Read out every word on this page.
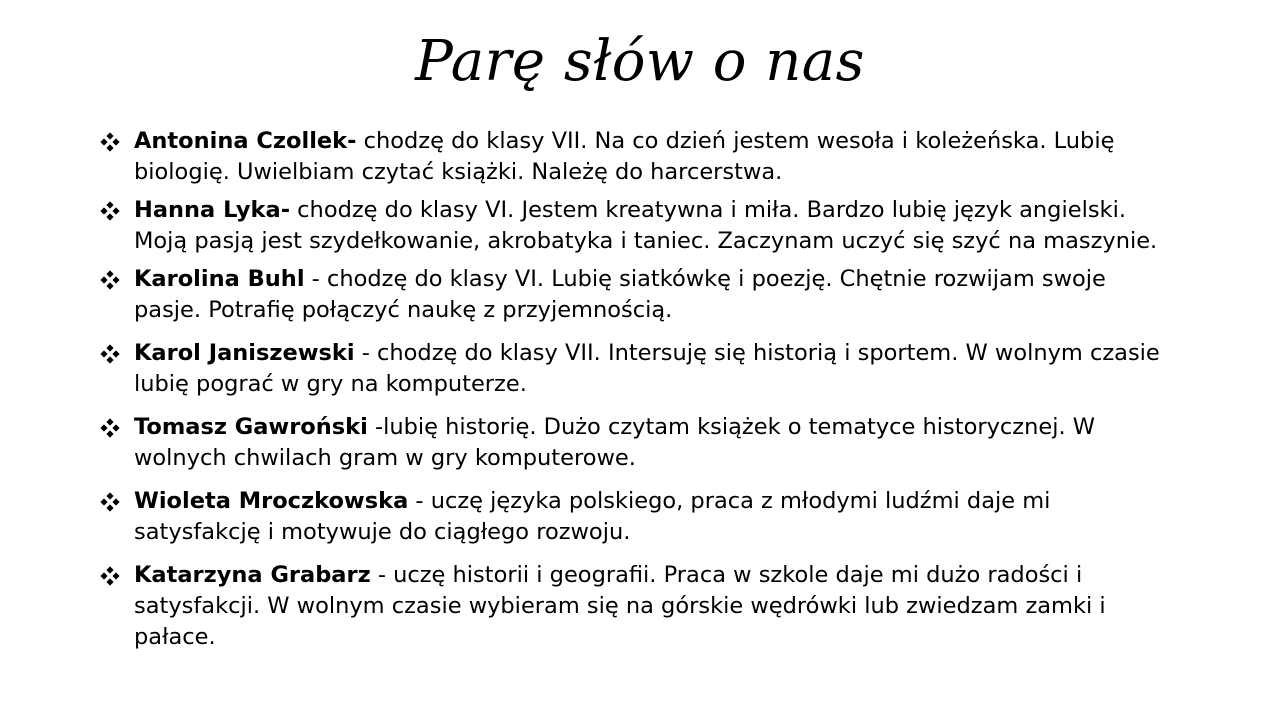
Parę słów o nas
Antonina Czollek- chodzę do klasy VII. Na co dzień jestem wesoła i koleżeńska. Lubię biologię. Uwielbiam czytać książki. Należę do harcerstwa.
Hanna Lyka- chodzę do klasy VI. Jestem kreatywna i miła. Bardzo lubię język angielski. Moją pasją jest szydełkowanie, akrobatyka i taniec. Zaczynam uczyć się szyć na maszynie.
Karolina Buhl - chodzę do klasy VI. Lubię siatkówkę i poezję. Chętnie rozwijam swoje pasje. Potrafię połączyć naukę z przyjemnością.
Karol Janiszewski - chodzę do klasy VII. Intersuję się historią i sportem. W wolnym czasie lubię pograć w gry na komputerze.
Tomasz Gawroński -lubię historię. Dużo czytam książek o tematyce historycznej. W wolnych chwilach gram w gry komputerowe.
Wioleta Mroczkowska - uczę języka polskiego, praca z młodymi ludźmi daje mi satysfakcję i motywuje do ciągłego rozwoju.
Katarzyna Grabarz - uczę historii i geografii. Praca w szkole daje mi dużo radości i satysfakcji. W wolnym czasie wybieram się na górskie wędrówki lub zwiedzam zamki i pałace.
